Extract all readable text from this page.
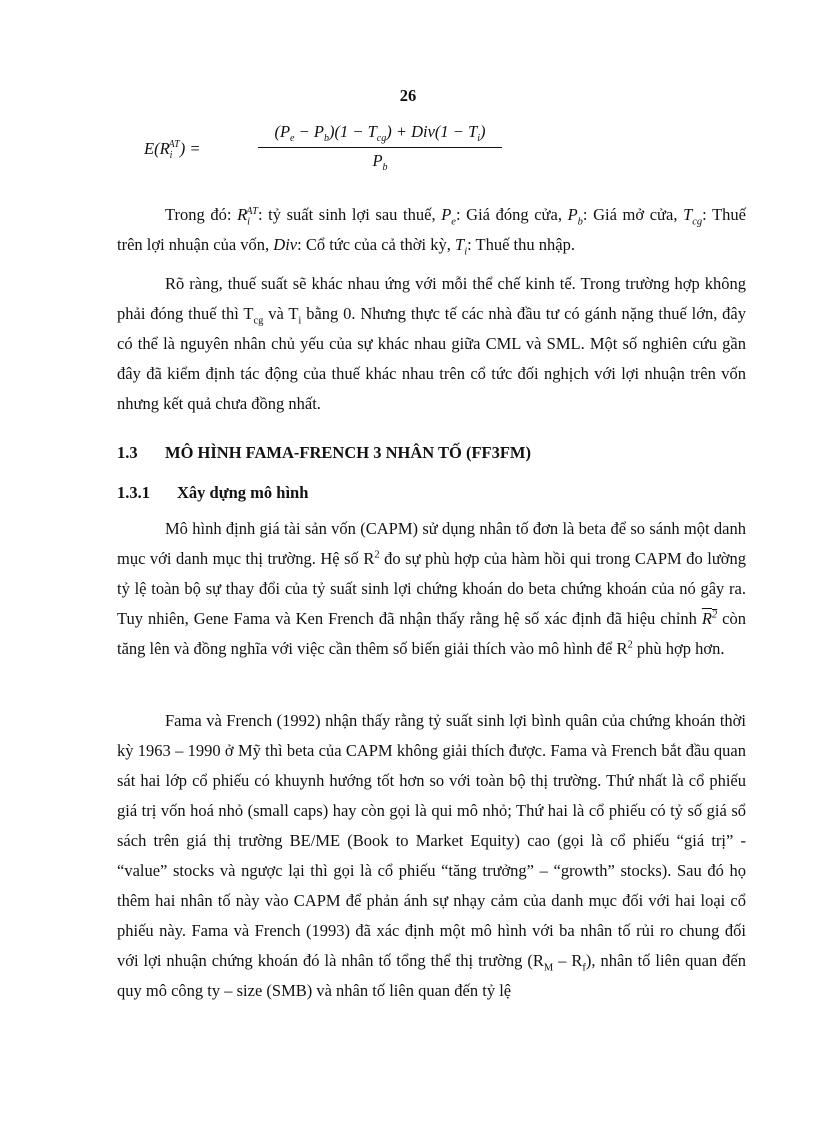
26
$E(R_i^{AT})$ =
$(P_e - P_b)(1 - T_{cg}) + Div(1 - T_i)$
$P_b$
Trong đó: $R_i^{AT}$: tỷ suất sinh lợi sau thuế, $P_e$: Giá đóng cửa, $P_b$: Giá mở cửa, $T_{cg}$: Thuế trên lợi nhuận của vốn, Div: Cổ tức của cả thời kỳ, $T_i$: Thuế thu nhập.
Rõ ràng, thuế suất sẽ khác nhau ứng với mỗi thể chế kinh tế. Trong trường hợp không phải đóng thuế thì $T_{cg}$ và $T_i$ bằng 0. Nhưng thực tế các nhà đầu tư có gánh nặng thuế lớn, đây có thể là nguyên nhân chủ yếu của sự khác nhau giữa CML và SML. Một số nghiên cứu gần đây đã kiểm định tác động của thuế khác nhau trên cổ tức đối nghịch với lợi nhuận trên vốn nhưng kết quả chưa đồng nhất.
1.3 MÔ HÌNH FAMA-FRENCH 3 NHÂN TỐ (FF3FM)
1.3.1 Xây dựng mô hình
Mô hình định giá tài sản vốn (CAPM) sử dụng nhân tố đơn là beta để so sánh một danh mục với danh mục thị trường. Hệ số $R^2$ đo sự phù hợp của hàm hồi qui trong CAPM đo lường tỷ lệ toàn bộ sự thay đổi của tỷ suất sinh lợi chứng khoán do beta chứng khoán của nó gây ra. Tuy nhiên, Gene Fama và Ken French đã nhận thấy rằng hệ số xác định đã hiệu chỉnh $R^2$ còn tăng lên và đồng nghĩa với việc cần thêm số biến giải thích vào mô hình để $R^2$ phù hợp hơn.
Fama và French (1992) nhận thấy rằng tỷ suất sinh lợi bình quân của chứng khoán thời kỳ 1963 – 1990 ở Mỹ thì beta của CAPM không giải thích được. Fama và French bắt đầu quan sát hai lớp cổ phiếu có khuynh hướng tốt hơn so với toàn bộ thị trường. Thứ nhất là cổ phiếu giá trị vốn hoá nhỏ (small caps) hay còn gọi là qui mô nhỏ; Thứ hai là cổ phiếu có tỷ số giá sổ sách trên giá thị trường BE/ME (Book to Market Equity) cao (gọi là cổ phiếu “giá trị” - “value” stocks và ngược lại thì gọi là cổ phiếu “tăng trưởng” – “growth” stocks). Sau đó họ thêm hai nhân tố này vào CAPM để phản ánh sự nhạy cảm của danh mục đối với hai loại cổ phiếu này. Fama và French (1993) đã xác định một mô hình với ba nhân tố rủi ro chung đối với lợi nhuận chứng khoán đó là nhân tố tổng thể thị trường $(R_M - R_f)$, nhân tố liên quan đến quy mô công ty – size (SMB) và nhân tố liên quan đến tỷ lệ
